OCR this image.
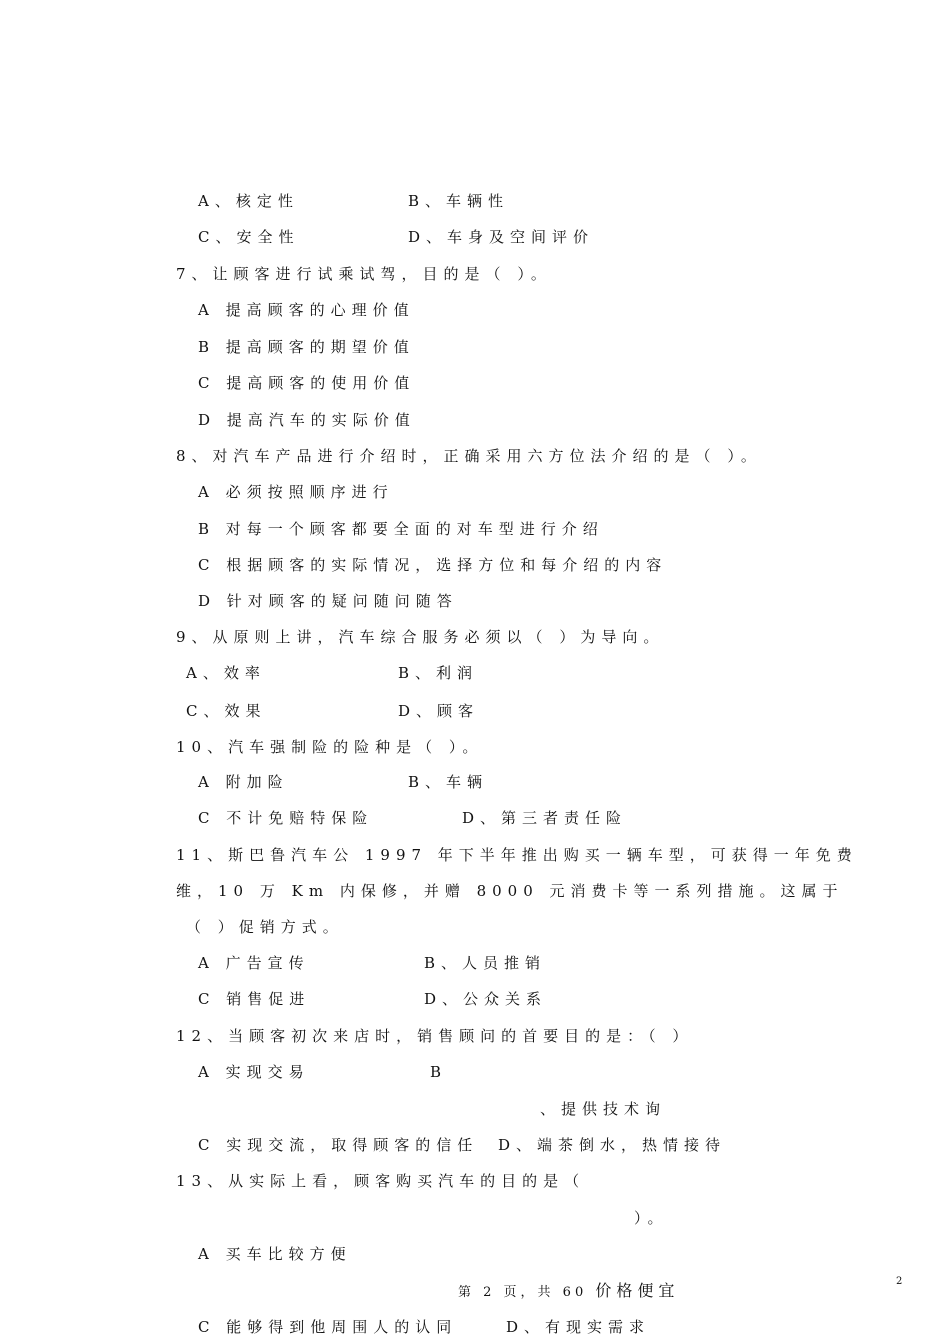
A、核定性	B、车辆性
C、安全性	D、车身及空间评价
7、让顾客进行试乘试驾，目的是（ ）。
A 提高顾客的心理价值
B 提高顾客的期望价值
C 提高顾客的使用价值
D 提高汽车的实际价值
8、对汽车产品进行介绍时，正确采用六方位法介绍的是（ ）。
A 必须按照顺序进行
B 对每一个顾客都要全面的对车型进行介绍
C 根据顾客的实际情况，选择方位和每介绍的内容
D 针对顾客的疑问随问随答
9、从原则上讲，汽车综合服务必须以（ ）为导向。
A、效率	B、利润
C、效果	D、顾客
10、汽车强制险的险种是（ ）。
A 附加险	B、车辆
C 不计免赔特保险	D、第三者责任险
11、斯巴鲁汽车公 1997 年下半年推出购买一辆车型，可获得一年免费
维，10 万 Km 内保修，并赠 8000 元消费卡等一系列措施。这属于
（ ）促销方式。
A 广告宣传	B、人员推销
C 销售促进	D、公众关系
12、当顾客初次来店时，销售顾问的首要目的是：（ ）
A 实现交易	B
、提供技术询
C 实现交流，取得顾客的信任 D、端茶倒水，热情接待
13、从实际上看，顾客购买汽车的目的是（
）。
A 买车比较方便
第 2 页，共 60 价格便宜	2
C 能够得到他周围人的认同	D、有现实需求
